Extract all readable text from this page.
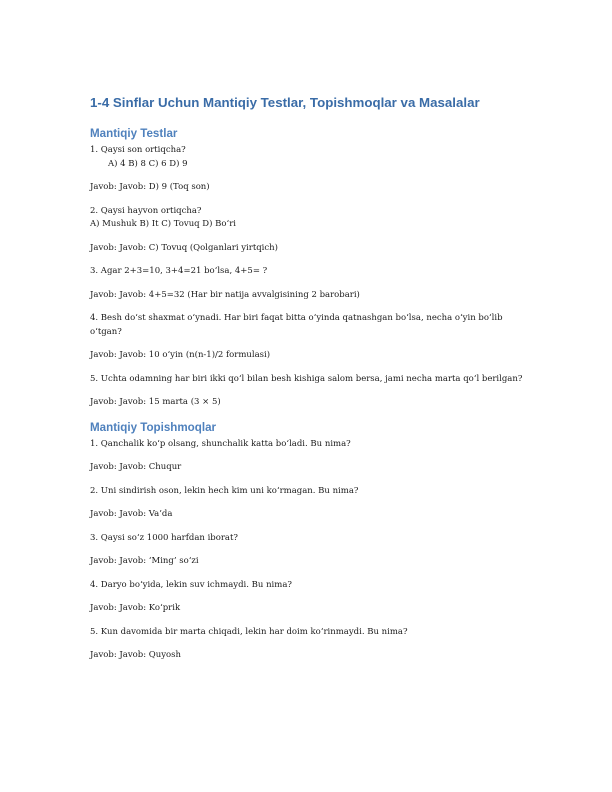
1-4 Sinflar Uchun Mantiqiy Testlar, Topishmoqlar va Masalalar
Mantiqiy Testlar

1. Qaysi son ortiqcha?

A) 4 B) 8 C) 6 D) 9

Javob: Javob: D) 9 (Toq son)

2. Qaysi hayvon ortiqcha?

A) Mushuk B) It C) Tovuq D) Bo‘ri

Javob: Javob: C) Tovuq (Qolganlari yirtqich)

3. Agar 2+3=10, 3+4=21 bo‘lsa, 4+5= ?

Javob: Javob: 4+5=32 (Har bir natija avvalgisining 2 barobari)

4. Besh do‘st shaxmat o‘ynadi. Har biri faqat bitta o‘yinda qatnashgan bo‘lsa, necha o‘yin bo‘lib o‘tgan?

Javob: Javob: 10 o‘yin (n(n-1)/2 formulasi)

5. Uchta odamning har biri ikki qo‘l bilan besh kishiga salom bersa, jami necha marta qo‘l berilgan?

Javob: Javob: 15 marta (3 × 5)

Mantiqiy Topishmoqlar

1. Qanchalik ko‘p olsang, shunchalik katta bo‘ladi. Bu nima?

Javob: Javob: Chuqur

2. Uni sindirish oson, lekin hech kim uni ko‘rmagan. Bu nima?

Javob: Javob: Va’da

3. Qaysi so‘z 1000 harfdan iborat?

Javob: Javob: ‘Ming’ so‘zi

4. Daryo bo‘yida, lekin suv ichmaydi. Bu nima?

Javob: Javob: Ko‘prik

5. Kun davomida bir marta chiqadi, lekin har doim ko‘rinmaydi. Bu nima?

Javob: Javob: Quyosh
